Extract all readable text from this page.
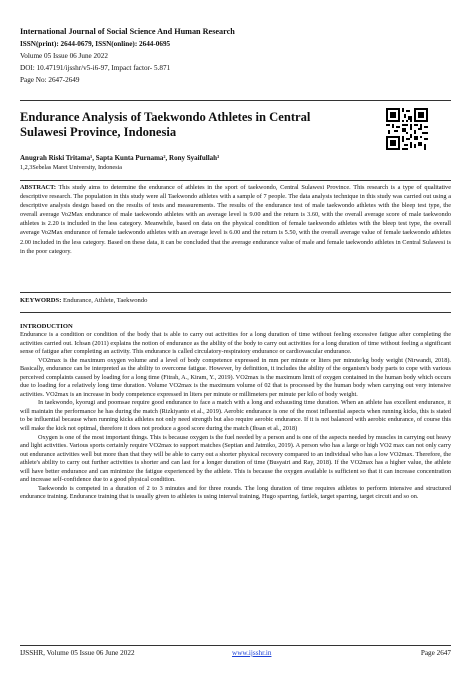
International Journal of Social Science And Human Research
ISSN(print): 2644-0679, ISSN(online): 2644-0695
Volume 05 Issue 06 June 2022
DOI: 10.47191/ijsshr/v5-i6-97, Impact factor- 5.871
Page No: 2647-2649
Endurance Analysis of Taekwondo Athletes in Central Sulawesi Province, Indonesia
Anugrah Riski Tritama¹, Sapta Kunta Purnama², Rony Syaifullah³
1,2,3Sebelas Maret University, Indonesia
ABSTRACT: This study aims to determine the endurance of athletes in the sport of taekwondo, Central Sulawesi Province. This research is a type of qualitative descriptive research. The population in this study were all Taekwondo athletes with a sample of 7 people. The data analysis technique in this study was carried out using a descriptive analysis design based on the results of tests and measurements. The results of the endurance test of male taekwondo athletes with the bleep test type, the overall average Vo2Max endurance of male taekwondo athletes with an average level is 9.00 and the return is 3.60, with the overall average score of male taekwondo athletes is 2.20 is included in the less category. Meanwhile, based on data on the physical condition of female taekwondo athletes with the bleep test type, the overall average Vo2Max endurance of female taekwondo athletes with an average level is 6.00 and the return is 5.50, with the overall average value of female taekwondo athletes 2.00 included in the less category. Based on these data, it can be concluded that the average endurance value of male and female taekwondo athletes in Central Sulawesi is in the poor category.
KEYWORDS: Endurance, Athlete, Taekwondo
INTRODUCTION

Endurance is a condition or condition of the body that is able to carry out activities for a long duration of time without feeling excessive fatigue after completing the activities carried out. Ichsan (2011) explains the notion of endurance as the ability of the body to carry out activities for a long duration of time without feeling a significant sense of fatigue after completing an activity. This endurance is called circulatory-respiratory endurance or cardiovascular endurance.

VO2max is the maximum oxygen volume and a level of body competence expressed in mm per minute or liters per minute/kg body weight (Nirwandi, 2018). Basically, endurance can be interpreted as the ability to overcome fatigue. However, by definition, it includes the ability of the organism's body parts to cope with various perceived complaints caused by loading for a long time (Fitrah, A., Kiram, Y., 2019). VO2max is the maximum limit of oxygen contained in the human body which occurs due to loading for a relatively long time duration. Volume VO2max is the maximum volume of 02 that is processed by the human body when carrying out very intensive activities. VO2max is an increase in body competence expressed in liters per minute or millimeters per minute per kilo of body weight.

In taekwondo, kyorugi and poomsae require good endurance to face a match with a long and exhausting time duration. When an athlete has excellent endurance, it will maintain the performance he has during the match (Rizkiyanto et al., 2019). Aerobic endurance is one of the most influential aspects when running kicks, this is stated to be influential because when running kicks athletes not only need strength but also require aerobic endurance. If it is not balanced with aerobic endurance, of course this will make the kick not optimal, therefore it does not produce a good score during the match (Ihsan et al., 2018)

Oxygen is one of the most important things. This is because oxygen is the fuel needed by a person and is one of the aspects needed by muscles in carrying out heavy and light activities. Various sports certainly require VO2max to support matches (Septian and Jatmiko, 2019). A person who has a large or high VO2 max can not only carry out endurance activities well but more than that they will be able to carry out a shorter physical recovery compared to an individual who has a low VO2max. Therefore, the athlete's ability to carry out further activities is shorter and can last for a longer duration of time (Busyairi and Ray, 2018). If the VO2max has a higher value, the athlete will have better endurance and can minimize the fatigue experienced by the athlete. This is because the oxygen available is sufficient so that it can increase concentration and increase self-confidence due to a good physical condition.

Taekwondo is competed in a duration of 2 to 3 minutes and for three rounds. The long duration of time requires athletes to perform intensive and structured endurance training. Endurance training that is usually given to athletes is using interval training, Hugo sparring, fartlek, target sparring, target circuit and so on.

IJSSHR, Volume 05 Issue 06 June 2022	www.ijsshr.in	Page 2647
